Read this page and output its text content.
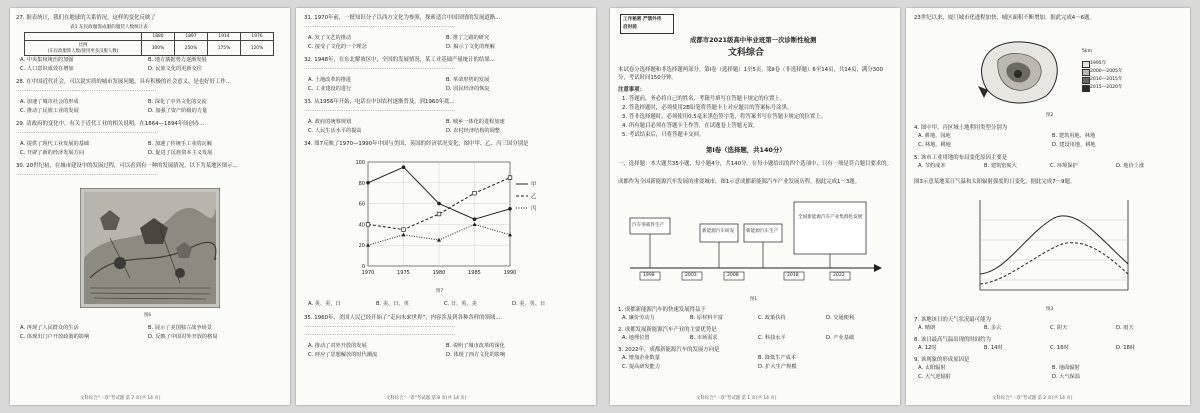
27. 据表统计，我们在地球的关系情况，这样的变化反映了
表1 东民政服饰成服的服装人数统计表
	1880	1897	1914	1976
比例
(东民政服饰人数/使用更多汉服人数)	300%	250%	175%	120%
A. 中央集权统治的加强	B. 地方割据势力逐渐发展
C. 人口意识成效在增加	D. 民族文化的更新交往
28. 在中国近代社会，可以说实质的城市发展问题，具有积极的社会意义，是也好好工作...
……………………………………………………………………
A. 加速了城市社会的形成	B. 深化了中外文化的交流
C. 推动了民族工业的发展	D. 加强了资产阶级的力量
29. 清政府的变化中，有关于近代工业的相关说明，在1864—1894年间创办...
……………………………………………………………………
A. 提供了现代工业发展的基础	B. 加速了传统手工业的瓦解
C. 开辟了新的经济发展方向	D. 促进了民族资本主义发展
30. 20世纪初，在城市建设中的发展过程，可以看到有一种的发展情况，以下为某地区图示...
……………………………………………………………………
图6
A. 再现了人民群众的生活	B. 展示了美国独立战争场景
C. 体现出门户开放政策的影响	D. 反映了中国对外开放的格局
文科综合“一诊”考试题 第 7 页(共 14 页)
31. 1970年前，一批知识分子以西方文化为参照，探索适合中国国情的发展道路...
…………………………………………………………………………
A. 发了文艺的推动	B. 推了之路的研究
C. 接受了文化的一个理念	D. 揭示了文化的理解
32. 1948年，在东北解放区中，全国的发展情况，某工业基础产量统计的结果...
…………………………………………………………………………
A. 土地改革的推进	B. 革命形势的发展
C. 工业建设的进行	D. 国民经济的恢复
33. 从1956年开始，电话在中国农村逐渐普及，到1960年底...
…………………………………………………………………………
A. 政府的统筹规划	B. 城乡一体化的进程加速
C. 人民生活水平的提高	D. 农村经济结构的调整
34. 图7反映了1970—1990年中国与美国、英国的经济状况变化，图中甲、乙、丙三国分别是
1970	1975	1980	1985	1990
0
20
40
60
80
100
甲
乙
丙
图7
A. 英、美、日	B. 美、日、英	C. 日、英、美	D. 美、英、日
35. 1960年，美国人民已经开始了“走向未来世界”，内容涉及到各种各样的领域...
…………………………………………………………………………
…………………………………………………………………………
A. 推动了对外开放的发展	B. 说明了城市改革的深化
C. 呼应了思想解放的时代潮流	D. 体现了西方文化的影响
文科综合“一诊”考试题 第 8 页(共 14 页)
工作秘密 严禁外传
启封前
成都市2021级高中毕业班第一次诊断性检测
文科综合
本试卷分选择题和非选择题两部分。第Ⅰ卷（选择题）1至5页，第Ⅱ卷（非选择题）6至14页，共14页，满分300分，考试时间150分钟。
注意事项：
1. 答题前，务必将自己的姓名、考籍号填写在答题卡规定的位置上。
2. 答选择题时，必须使用2B铅笔将答题卡上对应题目的答案标号涂黑。
3. 答非选择题时，必须使用0.5毫米黑色签字笔，将答案书写在答题卡规定的位置上。
4. 所有题目必须在答题卡上作答，在试题卷上答题无效。
5. 考试结束后，只将答题卡交回。
第Ⅰ卷（选择题，共140分）
一、选择题：本大题共35小题，每小题4分，共140分。在每小题给出的四个选项中，只有一项是符合题目要求的。
成都作为全国新能源汽车发展的重要城市，图1示意成都新能源汽车产业发展历程。据此完成1～3题。
汽车零部件生产
新能源汽车研发	新能源汽车生产
全国新能源汽车产业集群化发展
1998	2003	2008	2018	2022
图1
1. 成都新能源汽车的快速发展得益于
A. 廉价劳动力	B. 原材料丰富	C. 政策扶持	D. 交通便利
2. 成都发展新能源汽车产业的主要优势是
A. 地理位置	B. 市场需求	C. 科技水平	D. 产业基础
3. 2022年，成都新能源汽车的发展方向是
A. 增加企业数量	B. 降低生产成本
C. 提高研发能力	D. 扩大生产规模
文科综合“一诊”考试题 第 1 页(共 14 页)
23世纪以来，厦门城市化进程加快，城区面积不断增加。据此完成4～6题。
5km
1995年
2000—2005年
2010—2015年
2015—2020年
图2
4. 图中甲、丙区域土地利用类型分别为
A. 耕地、园地	B. 建筑用地、林地
C. 林地、耕地	D. 建设用地、耕地
5. 该市工业用地的布局变化原因主要是
A. 节约成本	B. 建筑密度大	C. 环境保护	D. 地价上涨
图3示意某地某日气温和太阳辐射强度的日变化，据此完成7～9题。
图3
7. 该地该日的天气状况最可能为
A. 晴朗	B. 多云	C. 阴天	D. 雨天
8. 该日最高气温出现的时间约为
A. 12时	B. 14时	C. 16时	D. 18时
9. 该现象的形成原因是
A. 太阳辐射	B. 地面辐射
C. 大气逆辐射	D. 大气保温
文科综合“一诊”考试题 第 2 页(共 14 页)
